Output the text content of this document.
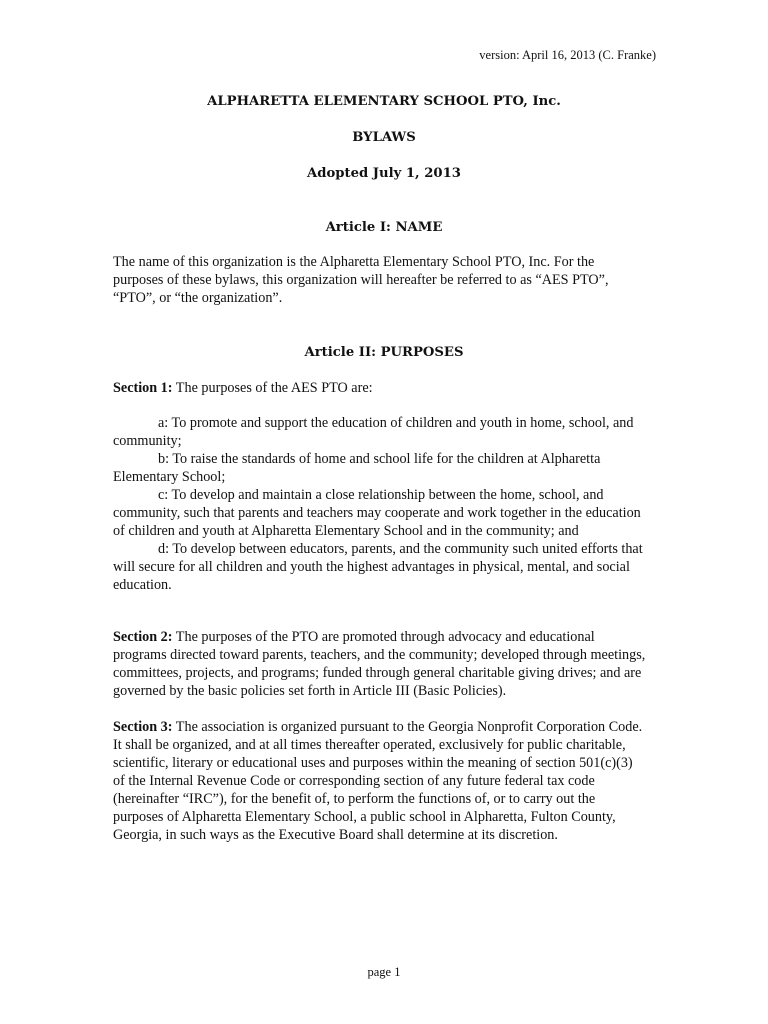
version: April 16, 2013 (C. Franke)
ALPHARETTA ELEMENTARY SCHOOL PTO, Inc.
BYLAWS
Adopted July 1, 2013
Article I: NAME

The name of this organization is the Alpharetta Elementary School PTO, Inc. For the purposes of these bylaws, this organization will hereafter be referred to as “AES PTO”, “PTO”, or “the organization”.

Article II: PURPOSES

Section 1: The purposes of the AES PTO are:

a: To promote and support the education of children and youth in home, school, and community;

b: To raise the standards of home and school life for the children at Alpharetta Elementary School;

c: To develop and maintain a close relationship between the home, school, and community, such that parents and teachers may cooperate and work together in the education of children and youth at Alpharetta Elementary School and in the community; and

d: To develop between educators, parents, and the community such united efforts that will secure for all children and youth the highest advantages in physical, mental, and social education.

Section 2: The purposes of the PTO are promoted through advocacy and educational programs directed toward parents, teachers, and the community; developed through meetings, committees, projects, and programs; funded through general charitable giving drives; and are governed by the basic policies set forth in Article III (Basic Policies).

Section 3: The association is organized pursuant to the Georgia Nonprofit Corporation Code. It shall be organized, and at all times thereafter operated, exclusively for public charitable, scientific, literary or educational uses and purposes within the meaning of section 501(c)(3) of the Internal Revenue Code or corresponding section of any future federal tax code (hereinafter “IRC”), for the benefit of, to perform the functions of, or to carry out the purposes of Alpharetta Elementary School, a public school in Alpharetta, Fulton County, Georgia, in such ways as the Executive Board shall determine at its discretion.

page 1
